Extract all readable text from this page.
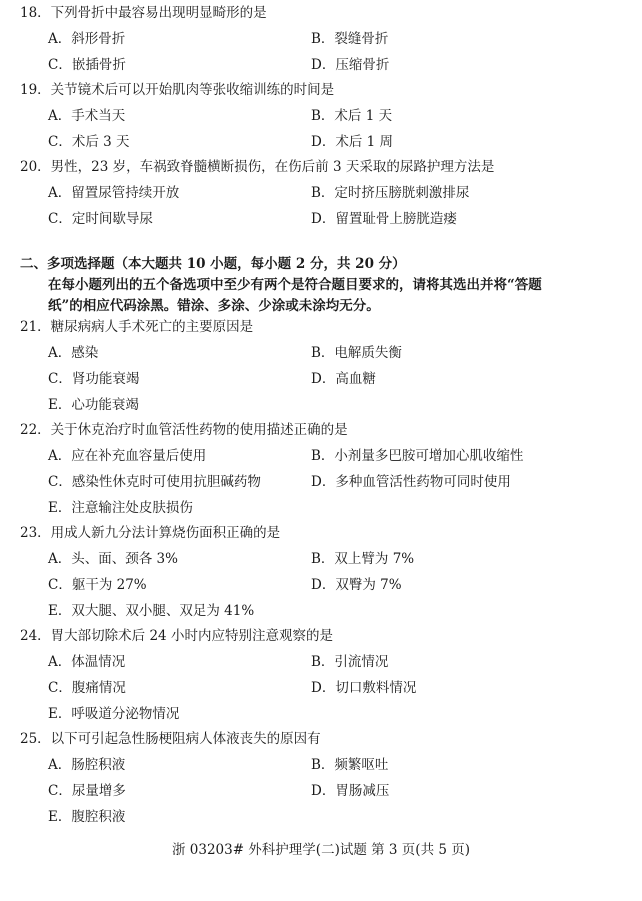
18．下列骨折中最容易出现明显畸形的是
A．斜形骨折	B．裂缝骨折
C．嵌插骨折	D．压缩骨折
19．关节镜术后可以开始肌肉等张收缩训练的时间是
A．手术当天	B．术后 1 天
C．术后 3 天	D．术后 1 周
20．男性，23 岁，车祸致脊髓横断损伤，在伤后前 3 天采取的尿路护理方法是
A．留置尿管持续开放	B．定时挤压膀胱刺激排尿
C．定时间歇导尿	D．留置耻骨上膀胱造瘘
二、多项选择题（本大题共 10 小题，每小题 2 分，共 20 分）
在每小题列出的五个备选项中至少有两个是符合题目要求的，请将其选出并将“答题
纸”的相应代码涂黑。错涂、多涂、少涂或未涂均无分。
21．糖尿病病人手术死亡的主要原因是
A．感染	B．电解质失衡
C．肾功能衰竭	D．高血糖
E．心功能衰竭
22．关于休克治疗时血管活性药物的使用描述正确的是
A．应在补充血容量后使用	B．小剂量多巴胺可增加心肌收缩性
C．感染性休克时可使用抗胆碱药物	D．多种血管活性药物可同时使用
E．注意输注处皮肤损伤
23．用成人新九分法计算烧伤面积正确的是
A．头、面、颈各 3%	B．双上臂为 7%
C．躯干为 27%	D．双臀为 7%
E．双大腿、双小腿、双足为 41%
24．胃大部切除术后 24 小时内应特别注意观察的是
A．体温情况	B．引流情况
C．腹痛情况	D．切口敷料情况
E．呼吸道分泌物情况
25．以下可引起急性肠梗阻病人体液丧失的原因有
A．肠腔积液	B．频繁呕吐
C．尿量增多	D．胃肠减压
E．腹腔积液
浙 03203# 外科护理学(二)试题 第 3 页(共 5 页)
